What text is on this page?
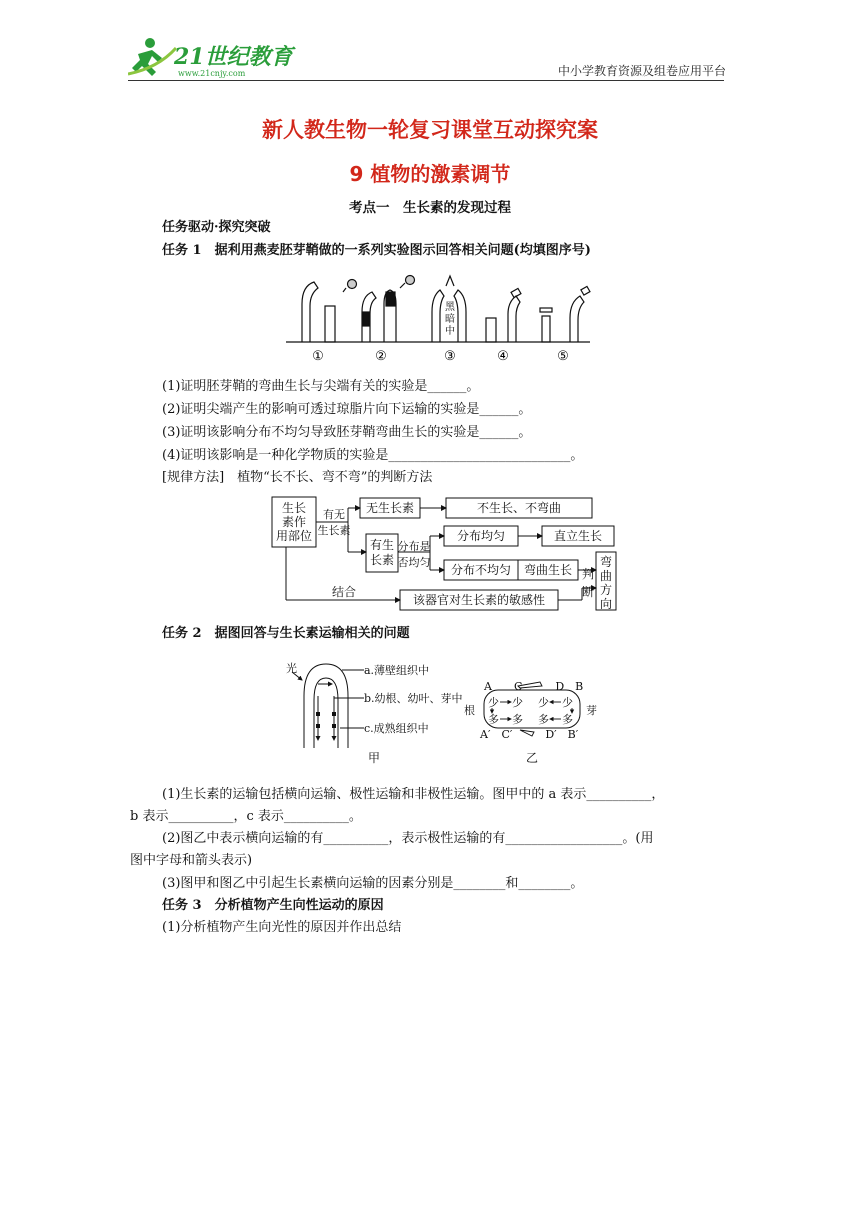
21世纪教育
www.21cnjy.com	中小学教育资源及组卷应用平台
新人教生物一轮复习课堂互动探究案
9 植物的激素调节
考点一　生长素的发现过程
任务驱动·探究突破
任务 1　据利用燕麦胚芽鞘做的一系列实验图示回答相关问题(均填图序号)
黑
暗
中
①	②	③	④	⑤
(1)证明胚芽鞘的弯曲生长与尖端有关的实验是______。
(2)证明尖端产生的影响可透过琼脂片向下运输的实验是______。
(3)证明该影响分布不均匀导致胚芽鞘弯曲生长的实验是______。
(4)证明该影响是一种化学物质的实验是____________________________。
[规律方法]　植物“长不长、弯不弯”的判断方法
生长
素作
用部位
有无
生长素
无生长素	不生长、不弯曲
有生
长素
分布是
否均匀
分布均匀	直立生长
分布不均匀 弯曲生长 判
断
弯
曲
方
向
结合
该器官对生长素的敏感性
任务 2　据图回答与生长素运输相关的问题
光	a.薄壁组织中
b.幼根、幼叶、芽中
c.成熟组织中
甲
A　　C　　　D　B
A′　C′　　　D′　B′
根	芽
少 少 少 少
多 多 多 多
乙
(1)生长素的运输包括横向运输、极性运输和非极性运输。图甲中的 a 表示__________，
b 表示__________，c 表示__________。
(2)图乙中表示横向运输的有__________，表示极性运输的有__________________。(用
图中字母和箭头表示)
(3)图甲和图乙中引起生长素横向运输的因素分别是________和________。
任务 3　分析植物产生向性运动的原因
(1)分析植物产生向光性的原因并作出总结
